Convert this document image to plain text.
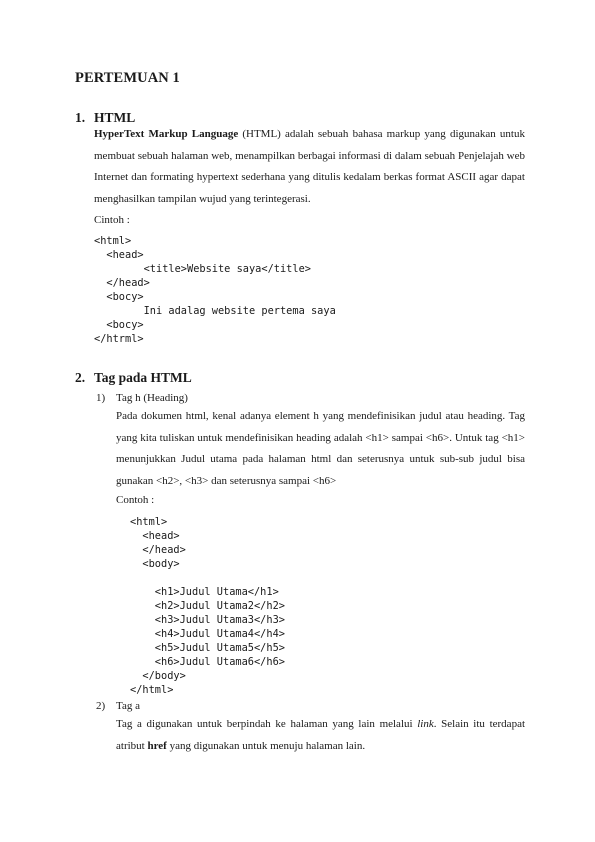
PERTEMUAN 1
1. HTML
HyperText Markup Language (HTML) adalah sebuah bahasa markup yang digunakan untuk membuat sebuah halaman web, menampilkan berbagai informasi di dalam sebuah Penjelajah web Internet dan formating hypertext sederhana yang ditulis kedalam berkas format ASCII agar dapat menghasilkan tampilan wujud yang terintegerasi.
Cintoh :
<html>
<head>
<title>Website saya</title>
</head>
<bocy>
Ini adalag website pertema saya
<bocy>
</htrml>
2. Tag pada HTML
1) Tag h (Heading)
Pada dokumen html, kenal adanya element h yang mendefinisikan judul atau heading. Tag yang kita tuliskan untuk mendefinisikan heading adalah <h1> sampai <h6>. Untuk tag <h1> menunjukkan Judul utama pada halaman html dan seterusnya untuk sub-sub judul bisa gunakan <h2>, <h3> dan seterusnya sampai <h6>
Contoh :
<html>
<head>
</head>
<body>

<h1>Judul Utama</h1>
<h2>Judul Utama2</h2>
<h3>Judul Utama3</h3>
<h4>Judul Utama4</h4>
<h5>Judul Utama5</h5>
<h6>Judul Utama6</h6>
</body>
</html>
2) Tag a
Tag a digunakan untuk berpindah ke halaman yang lain melalui link. Selain itu terdapat atribut href yang digunakan untuk menuju halaman lain.
